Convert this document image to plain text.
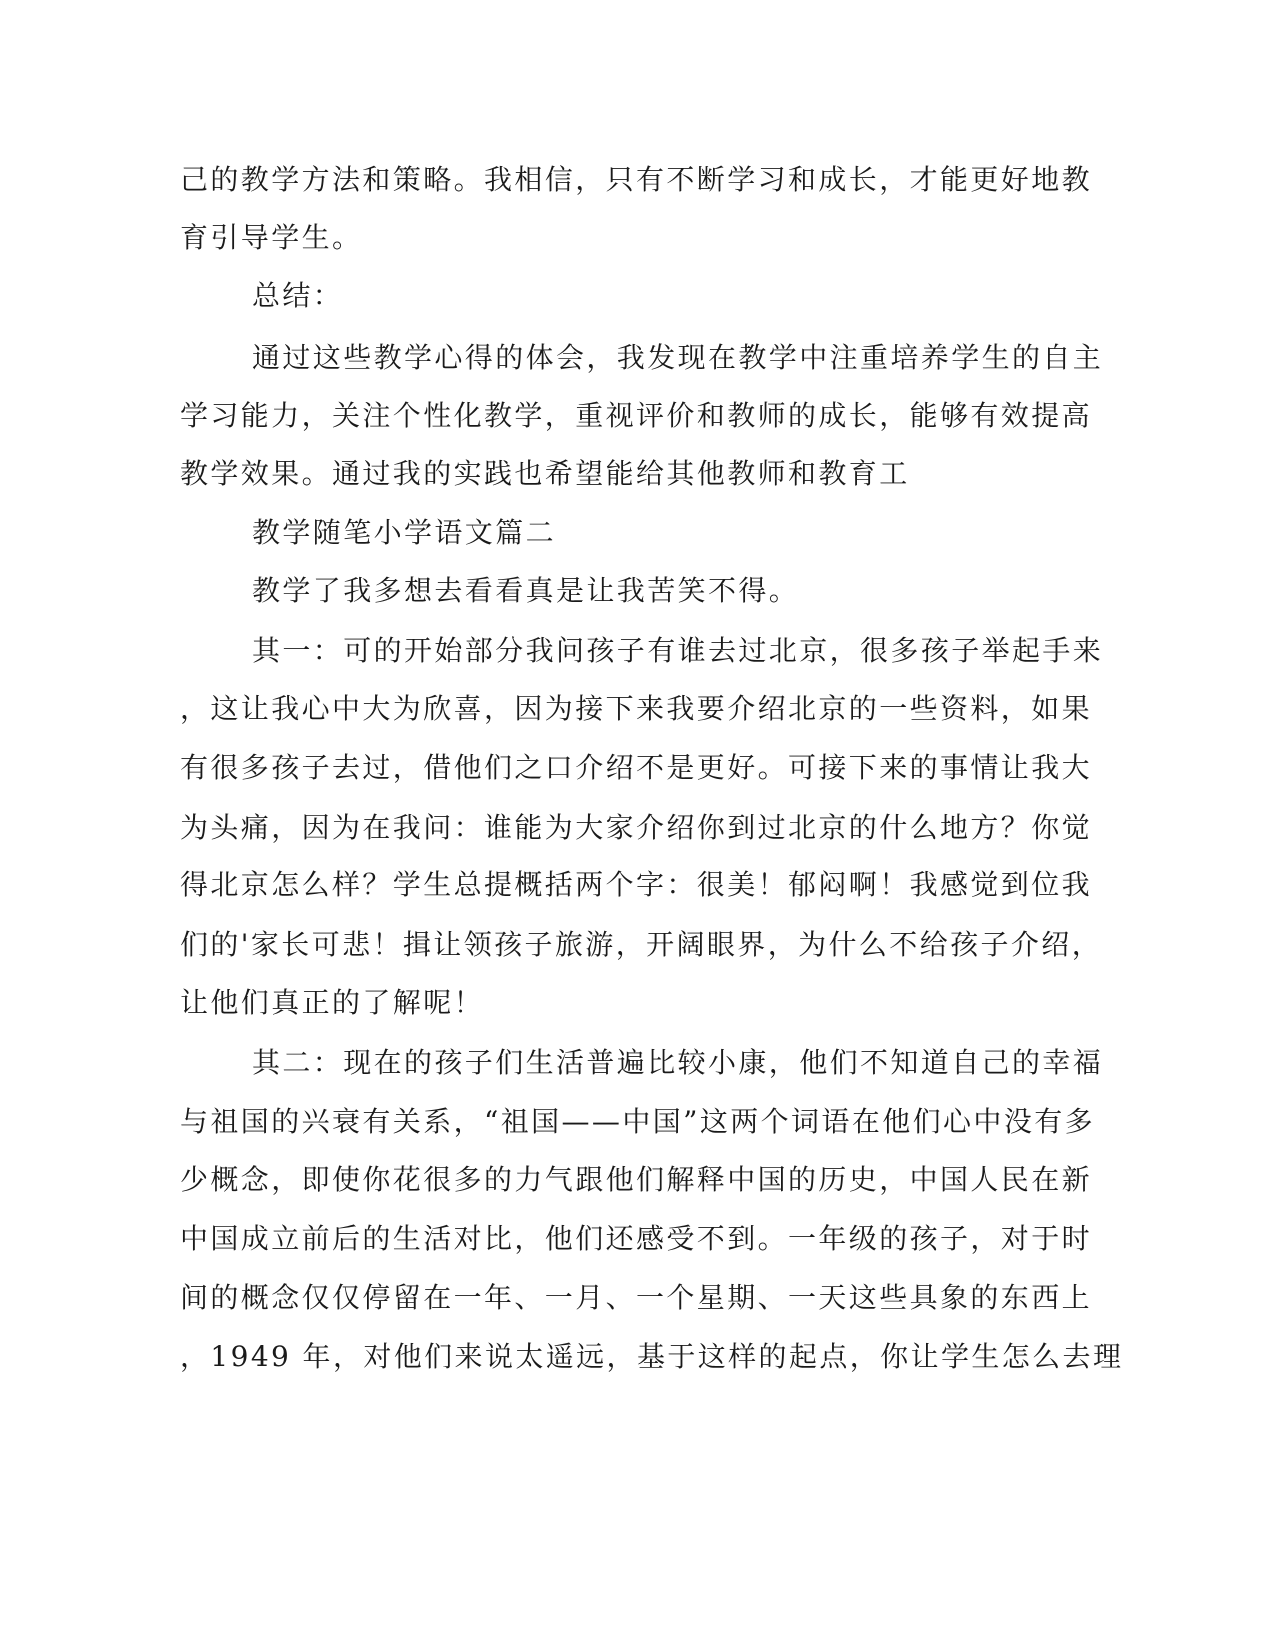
己的教学方法和策略。我相信，只有不断学习和成长，才能更好地教
育引导学生。
总结：
通过这些教学心得的体会，我发现在教学中注重培养学生的自主
学习能力，关注个性化教学，重视评价和教师的成长，能够有效提高
教学效果。通过我的实践也希望能给其他教师和教育工
教学随笔小学语文篇二
教学了我多想去看看真是让我苦笑不得。
其一：可的开始部分我问孩子有谁去过北京，很多孩子举起手来
，这让我心中大为欣喜，因为接下来我要介绍北京的一些资料，如果
有很多孩子去过，借他们之口介绍不是更好。可接下来的事情让我大
为头痛，因为在我问：谁能为大家介绍你到过北京的什么地方？你觉
得北京怎么样？学生总提概括两个字：很美！郁闷啊！我感觉到位我
们的'家长可悲！揖让领孩子旅游，开阔眼界，为什么不给孩子介绍，
让他们真正的了解呢！
其二：现在的孩子们生活普遍比较小康，他们不知道自己的幸福
与祖国的兴衰有关系，“祖国——中国”这两个词语在他们心中没有多
少概念，即使你花很多的力气跟他们解释中国的历史，中国人民在新
中国成立前后的生活对比，他们还感受不到。一年级的孩子，对于时
间的概念仅仅停留在一年、一月、一个星期、一天这些具象的东西上
，1949 年，对他们来说太遥远，基于这样的起点，你让学生怎么去理
